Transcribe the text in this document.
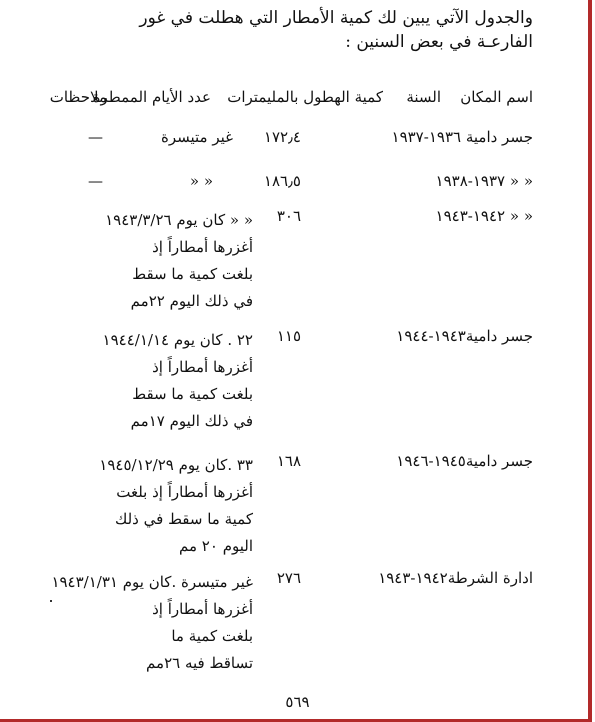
والجدول الآتي يبين لك كمية الأمطار التي هطلت في غور الفارعـة في بعض السنين :
اسم المكان
السنة
كمية الهطول بالمليمترات
عدد الأيام الممطرة
ملاحظات
جسر دامية ١٩٣٦-١٩٣٧
١٧٢٫٤
غير متيسرة
—
« « ١٩٣٧-١٩٣٨
١٨٦٫٥
« «
—
« « ١٩٤٢-١٩٤٣
٣٠٦
« « كان يوم ١٩٤٣/٣/٢٦
أغزرها أمطاراً إذ
بلغت كمية ما سقط
في ذلك اليوم ٢٢مم
جسر دامية١٩٤٣-١٩٤٤
١١٥
٢٢ . كان يوم ١٩٤٤/١/١٤
أغزرها أمطاراً إذ
بلغت كمية ما سقط
في ذلك اليوم ١٧مم
جسر دامية١٩٤٥-١٩٤٦
١٦٨
٣٣ .كان يوم ١٩٤٥/١٢/٢٩
أغزرها أمطاراً إذ بلغت
كمية ما سقط في ذلك
اليوم ٢٠ مم
ادارة الشرطة١٩٤٢-١٩٤٣
٢٧٦
غير متيسرة .كان يوم ١٩٤٣/١/٣١
أغزرها أمطاراً إذ
بلغت كمية ما
تساقط فيه ٢٦مم
٥٦٩
